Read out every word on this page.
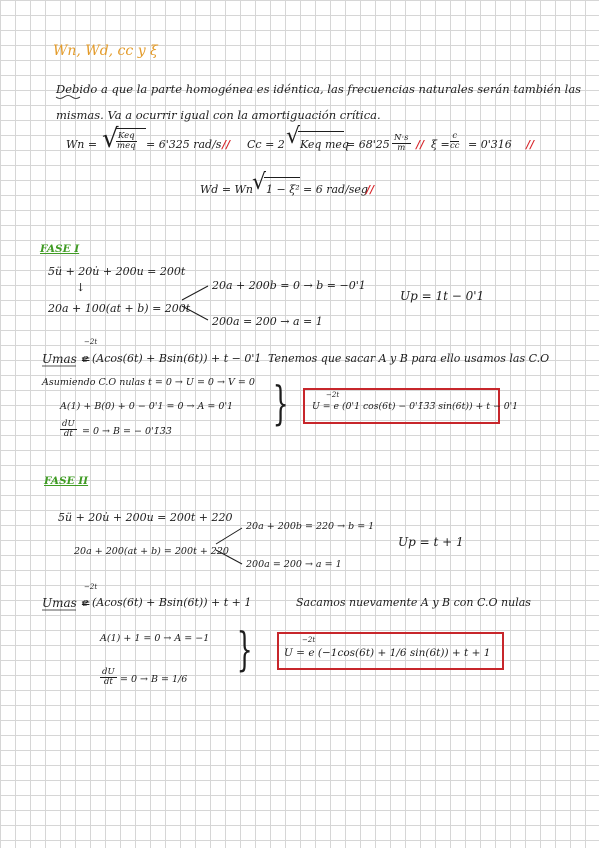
Wn, Wd, cc y ξ
Debido a que la parte homogénea es idéntica, las frecuencias naturales serán también las
mismas. Va a ocurrir igual con la amortiguación crítica.
Wn = √ Keq
meq = 6'325 rad/s // Cc = 2 √ Keq meq
= $68'25 \frac{N\cdot s}{m} // \xi = \frac{c}{cc} = 0'316$ //
Wd = Wn √ 1 − ξ² = 6 rad/seg
//
FASE I
5ü + 20u̇ + 200u = 200t
↓
20a + 100(at + b) = 200t
20a + 200b = 0 → b = −0'1
200a = 200 → a = 1
Up = 1t − 0'1
Umas =
−2t
e (Acos(6t) + Bsin(6t)) + t − 0'1 Tenemos que sacar A y B para ello usamos las C.O
Asumiendo C.O nulas t = 0 → U = 0 → V = 0
A(1) + B(0) + 0 − 0'1 = 0 → A = 0'1
$\frac{dU}{dt} = 0 \to B$ = − 0'1̄3̄3̄
}	−2t
U = e (0'1 cos(6t) − 0'1̄3̄3̄ sin(6t)) + t − 0'1
FASE II
5ü + 20u̇ + 200u = 200t + 220
20a + 200(at + b) = 200t + 220
20a + 200b = 220 → b = 1
200a = 200 → a = 1
Up = t + 1
Umas =
−2t
e (Acos(6t) + Bsin(6t)) + t + 1	Sacamos nuevamente A y B con C.O nulas
A(1) + 1 = 0 → A = −1
$\frac{dU}{dt} = 0 \to B = 1/6$
}	−2t
U = e (−1cos(6t) + 1/6 sin(6t)) + t + 1
